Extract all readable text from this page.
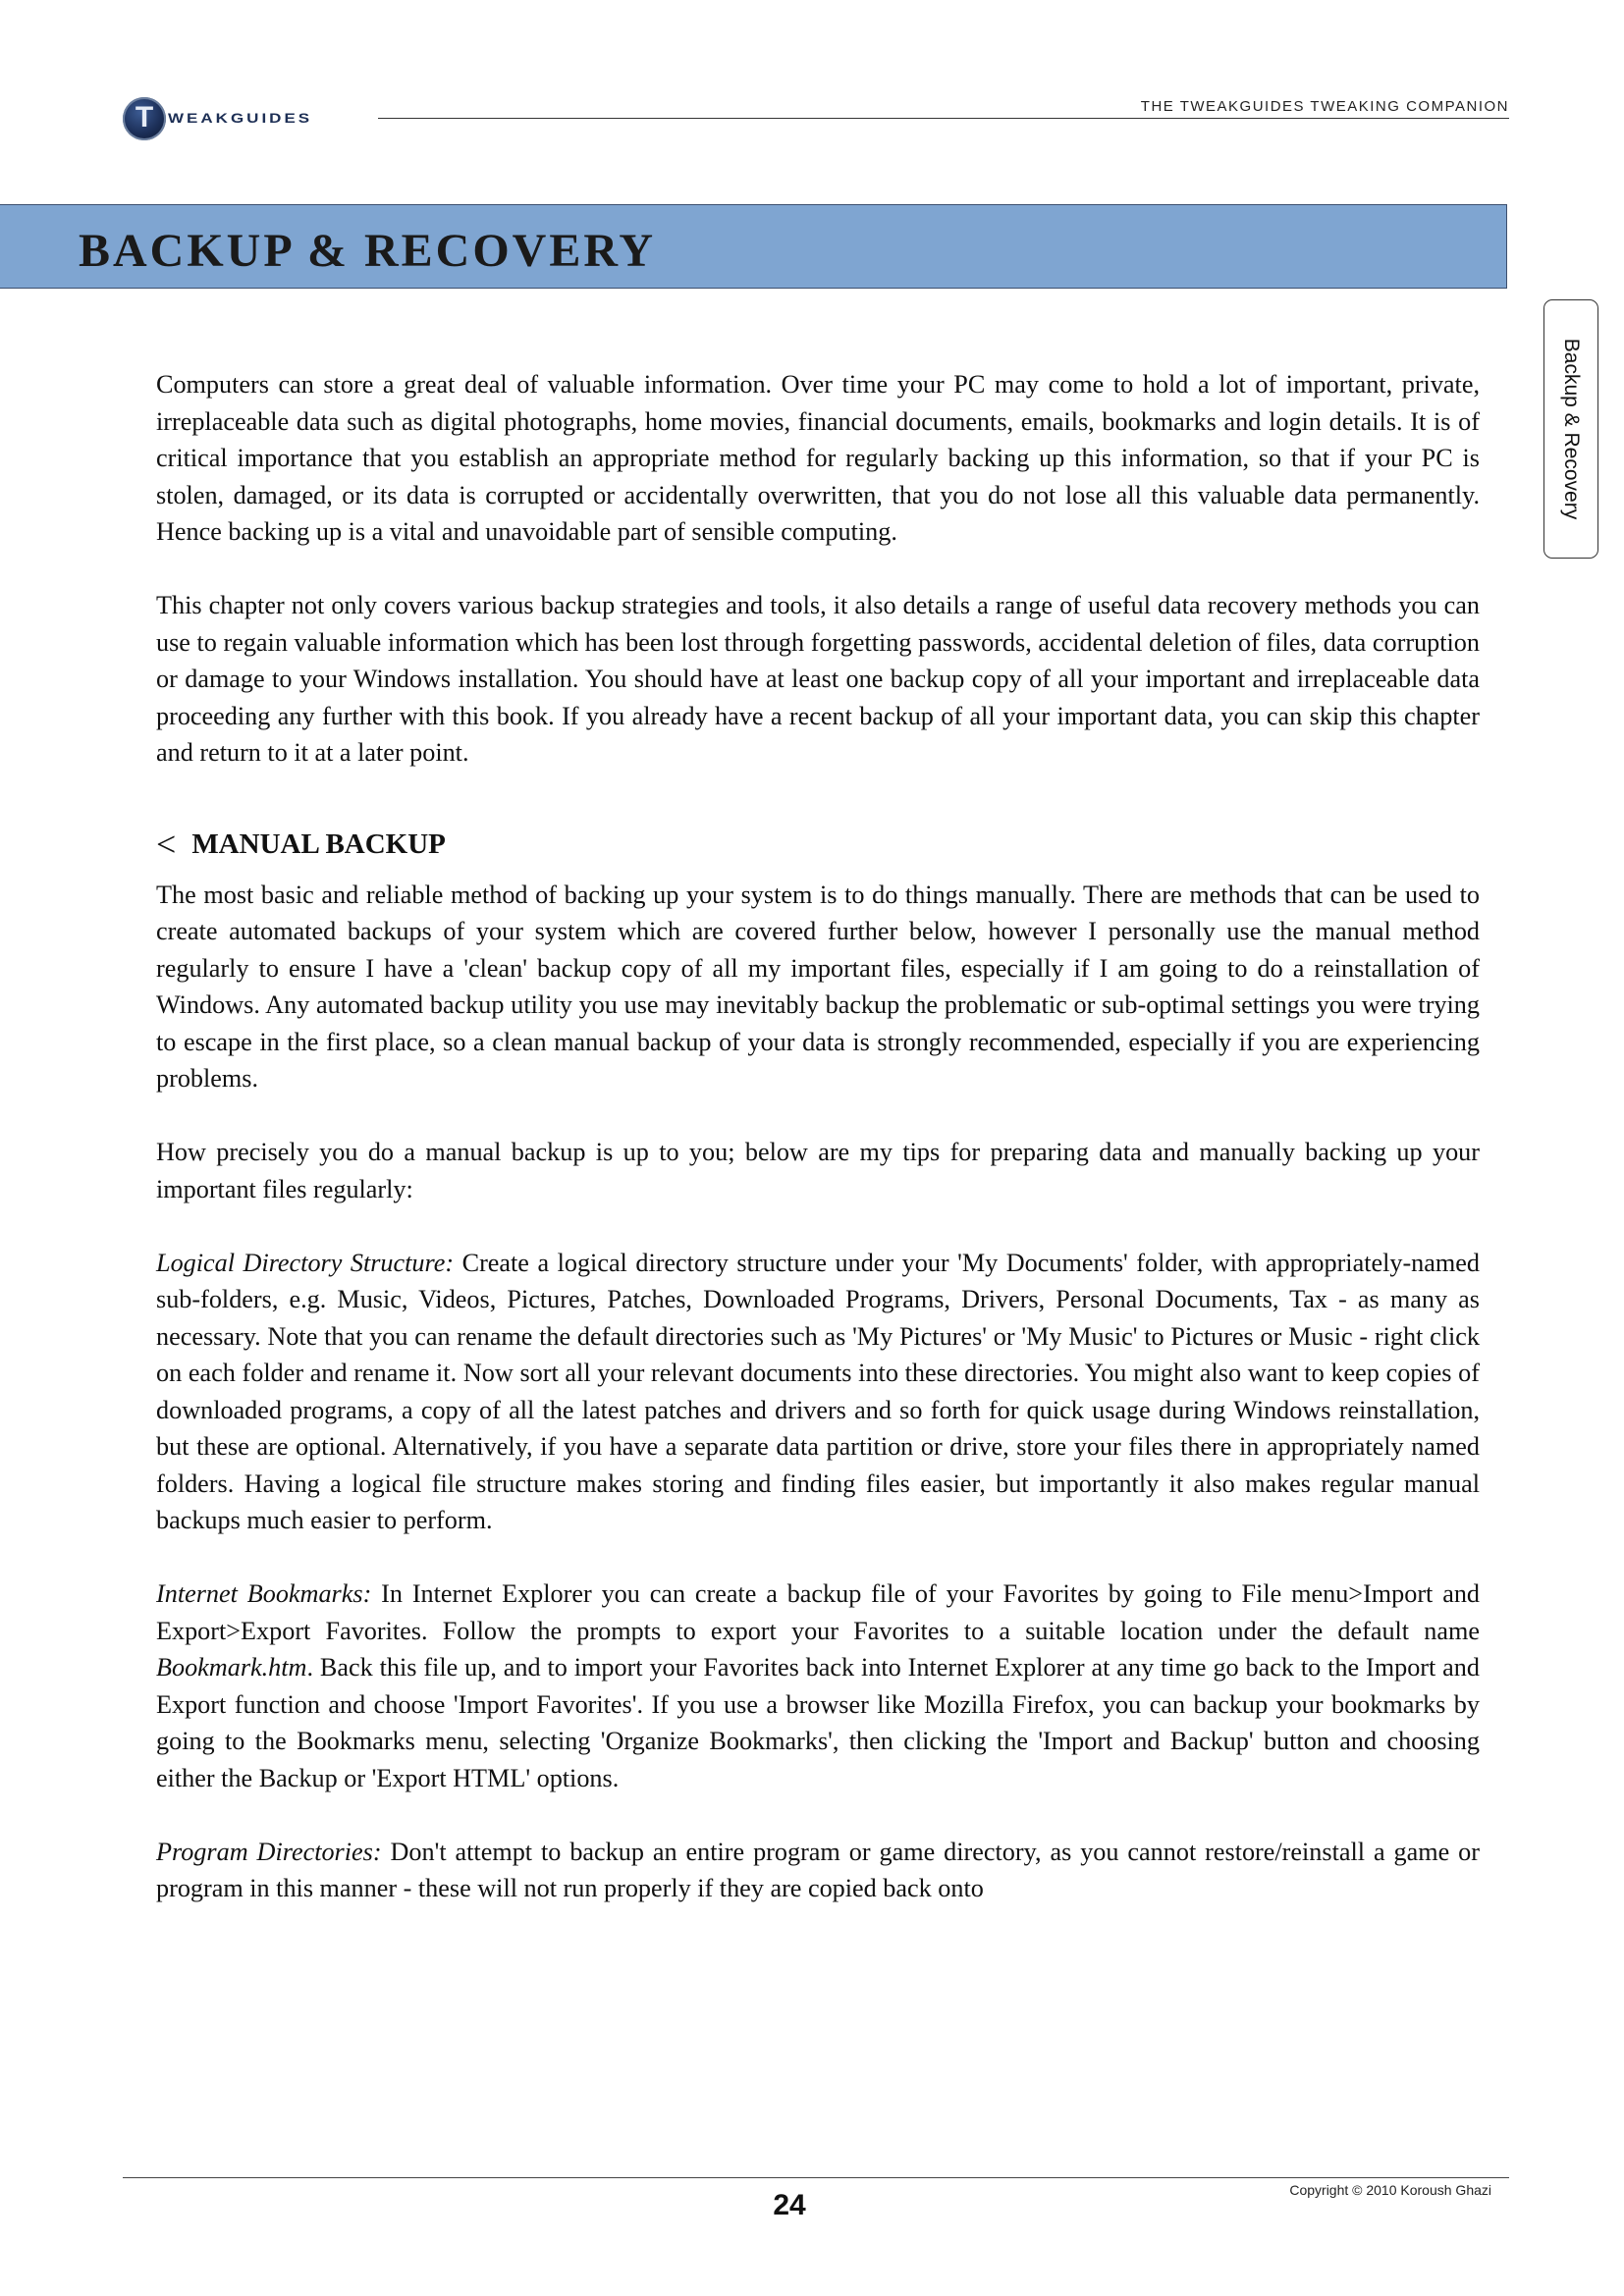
T WEAKGUIDES
THE TWEAKGUIDES TWEAKING COMPANION
BACKUP & RECOVERY
Backup & Recovery

Computers can store a great deal of valuable information. Over time your PC may come to hold a lot of important, private, irreplaceable data such as digital photographs, home movies, financial documents, emails, bookmarks and login details. It is of critical importance that you establish an appropriate method for regularly backing up this information, so that if your PC is stolen, damaged, or its data is corrupted or accidentally overwritten, that you do not lose all this valuable data permanently. Hence backing up is a vital and unavoidable part of sensible computing.

This chapter not only covers various backup strategies and tools, it also details a range of useful data recovery methods you can use to regain valuable information which has been lost through forgetting passwords, accidental deletion of files, data corruption or damage to your Windows installation. You should have at least one backup copy of all your important and irreplaceable data proceeding any further with this book. If you already have a recent backup of all your important data, you can skip this chapter and return to it at a later point.

< MANUAL BACKUP

The most basic and reliable method of backing up your system is to do things manually. There are methods that can be used to create automated backups of your system which are covered further below, however I personally use the manual method regularly to ensure I have a 'clean' backup copy of all my important files, especially if I am going to do a reinstallation of Windows. Any automated backup utility you use may inevitably backup the problematic or sub-optimal settings you were trying to escape in the first place, so a clean manual backup of your data is strongly recommended, especially if you are experiencing problems.

How precisely you do a manual backup is up to you; below are my tips for preparing data and manually backing up your important files regularly:

Logical Directory Structure: Create a logical directory structure under your 'My Documents' folder, with appropriately-named sub-folders, e.g. Music, Videos, Pictures, Patches, Downloaded Programs, Drivers, Personal Documents, Tax - as many as necessary. Note that you can rename the default directories such as 'My Pictures' or 'My Music' to Pictures or Music - right click on each folder and rename it. Now sort all your relevant documents into these directories. You might also want to keep copies of downloaded programs, a copy of all the latest patches and drivers and so forth for quick usage during Windows reinstallation, but these are optional. Alternatively, if you have a separate data partition or drive, store your files there in appropriately named folders. Having a logical file structure makes storing and finding files easier, but importantly it also makes regular manual backups much easier to perform.

Internet Bookmarks: In Internet Explorer you can create a backup file of your Favorites by going to File menu>Import and Export>Export Favorites. Follow the prompts to export your Favorites to a suitable location under the default name Bookmark.htm. Back this file up, and to import your Favorites back into Internet Explorer at any time go back to the Import and Export function and choose 'Import Favorites'. If you use a browser like Mozilla Firefox, you can backup your bookmarks by going to the Bookmarks menu, selecting 'Organize Bookmarks', then clicking the 'Import and Backup' button and choosing either the Backup or 'Export HTML' options.

Program Directories: Don't attempt to backup an entire program or game directory, as you cannot restore/reinstall a game or program in this manner - these will not run properly if they are copied back onto

Copyright © 2010 Koroush Ghazi
24
